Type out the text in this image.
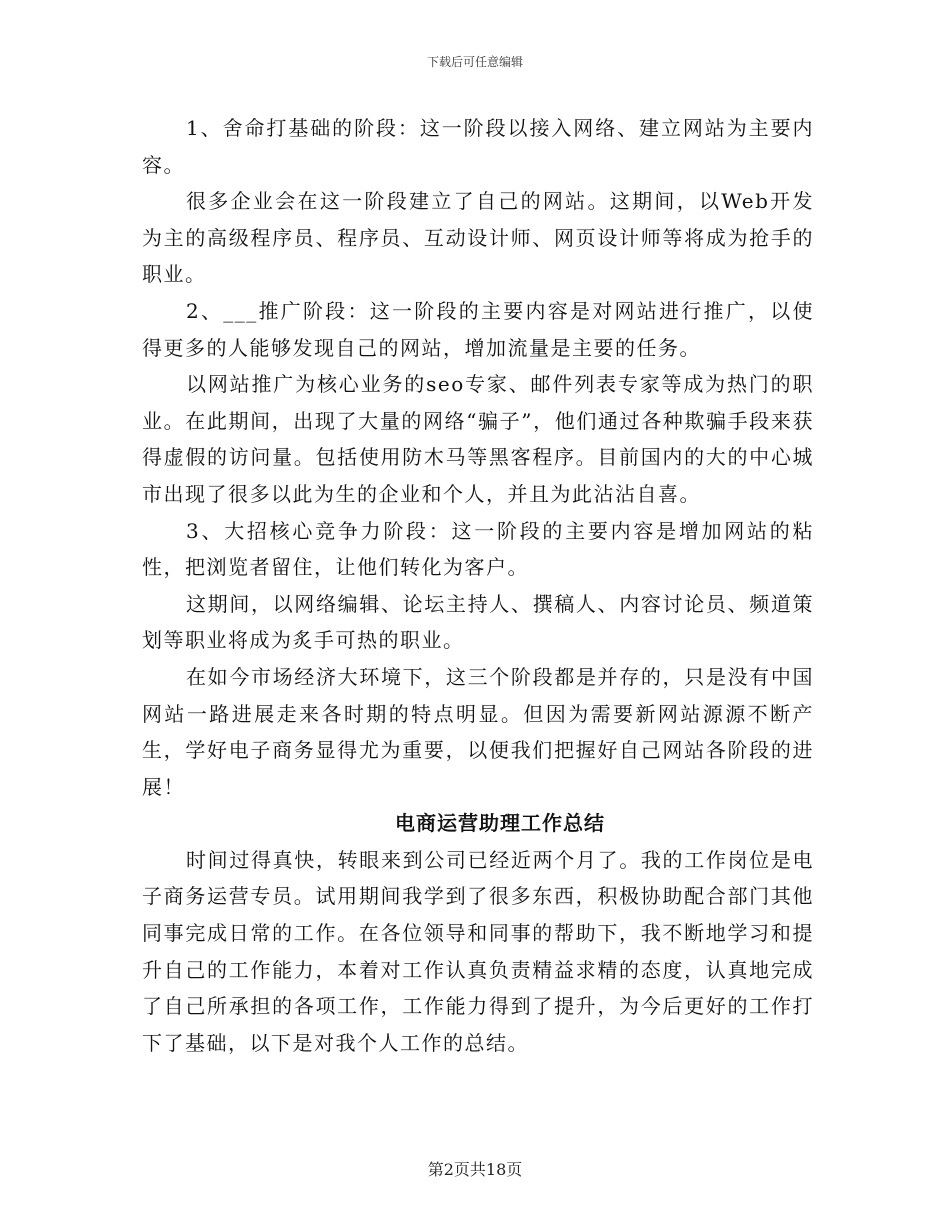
下载后可任意编辑

1、舍命打基础的阶段：这一阶段以接入网络、建立网站为主要内容。

很多企业会在这一阶段建立了自己的网站。这期间，以Web开发为主的高级程序员、程序员、互动设计师、网页设计师等将成为抢手的职业。

2、___推广阶段：这一阶段的主要内容是对网站进行推广，以使得更多的人能够发现自己的网站，增加流量是主要的任务。

以网站推广为核心业务的seo专家、邮件列表专家等成为热门的职业。在此期间，出现了大量的网络“骗子”，他们通过各种欺骗手段来获得虚假的访问量。包括使用防木马等黑客程序。目前国内的大的中心城市出现了很多以此为生的企业和个人，并且为此沾沾自喜。

3、大招核心竞争力阶段：这一阶段的主要内容是增加网站的粘性，把浏览者留住，让他们转化为客户。

这期间，以网络编辑、论坛主持人、撰稿人、内容讨论员、频道策划等职业将成为炙手可热的职业。

在如今市场经济大环境下，这三个阶段都是并存的，只是没有中国网站一路进展走来各时期的特点明显。但因为需要新网站源源不断产生，学好电子商务显得尤为重要，以便我们把握好自己网站各阶段的进展！

电商运营助理工作总结

时间过得真快，转眼来到公司已经近两个月了。我的工作岗位是电子商务运营专员。试用期间我学到了很多东西，积极协助配合部门其他同事完成日常的工作。在各位领导和同事的帮助下，我不断地学习和提升自己的工作能力，本着对工作认真负责精益求精的态度，认真地完成了自己所承担的各项工作，工作能力得到了提升，为今后更好的工作打下了基础，以下是对我个人工作的总结。

第2页共18页
